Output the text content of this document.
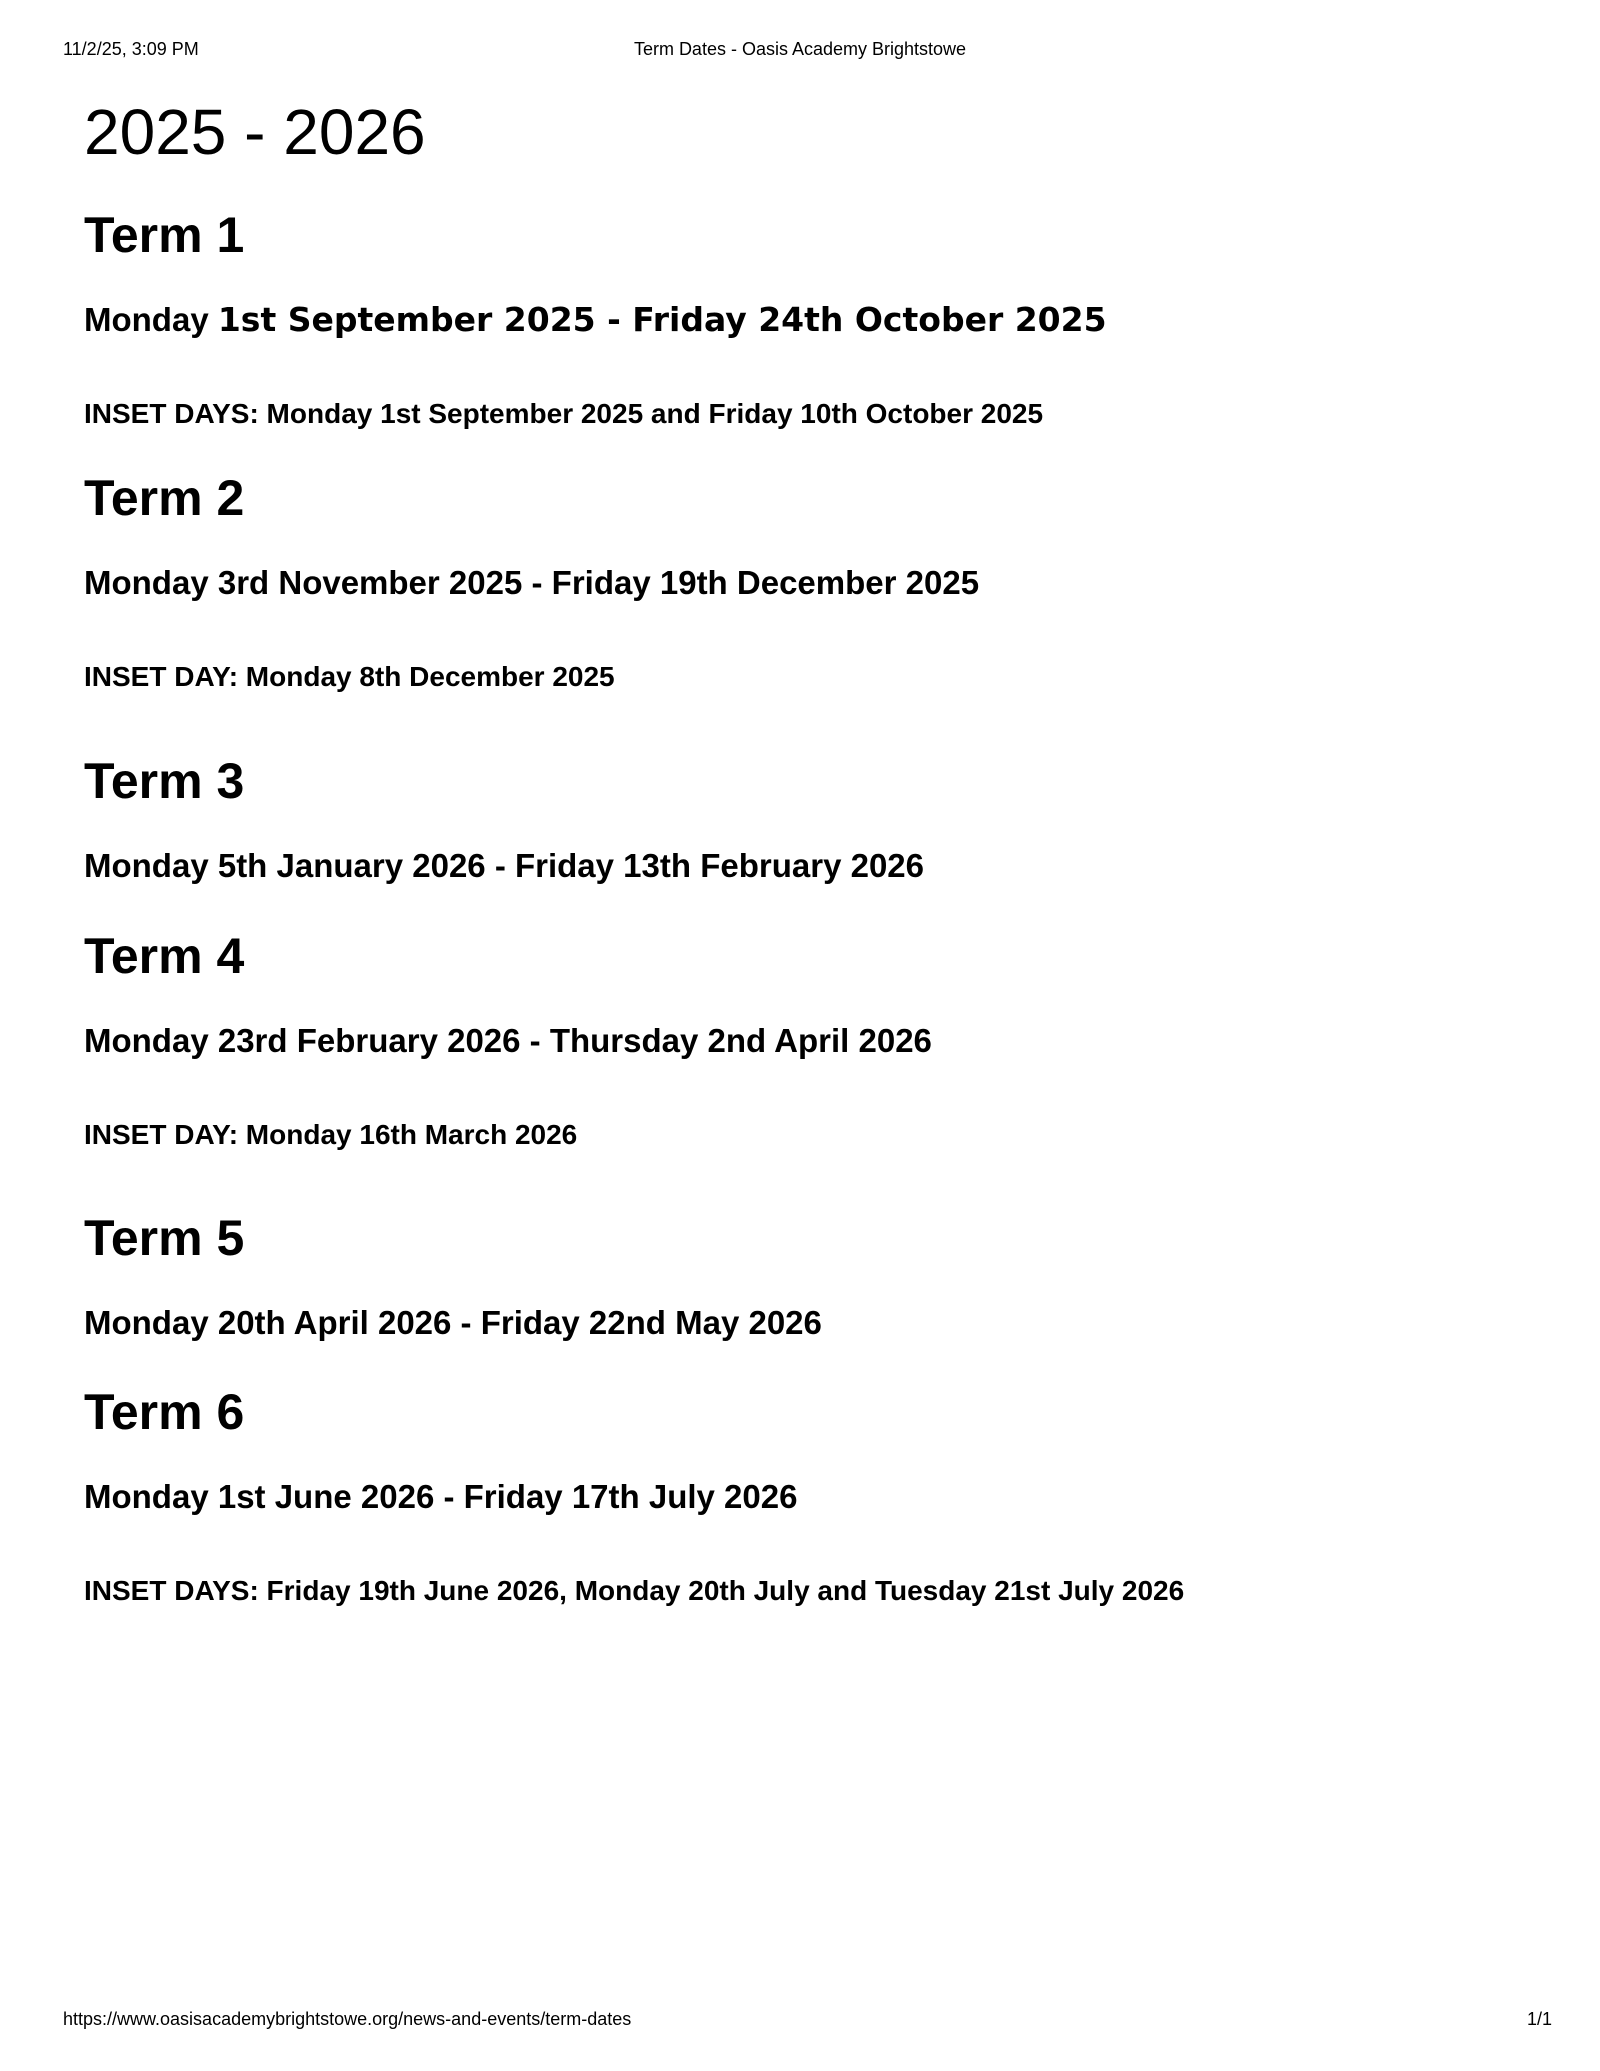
11/2/25, 3:09 PM	Term Dates - Oasis Academy Brightstowe
2025 - 2026
Term 1

Monday 1st September 2025 - Friday 24th October 2025

INSET DAYS: Monday 1st September 2025 and Friday 10th October 2025

Term 2

Monday 3rd November 2025 - Friday 19th December 2025

INSET DAY: Monday 8th December 2025

Term 3

Monday 5th January 2026 - Friday 13th February 2026

Term 4

Monday 23rd February 2026 - Thursday 2nd April 2026

INSET DAY: Monday 16th March 2026

Term 5

Monday 20th April 2026 - Friday 22nd May 2026

Term 6

Monday 1st June 2026 - Friday 17th July 2026

INSET DAYS: Friday 19th June 2026, Monday 20th July and Tuesday 21st July 2026

https://www.oasisacademybrightstowe.org/news-and-events/term-dates	1/1
